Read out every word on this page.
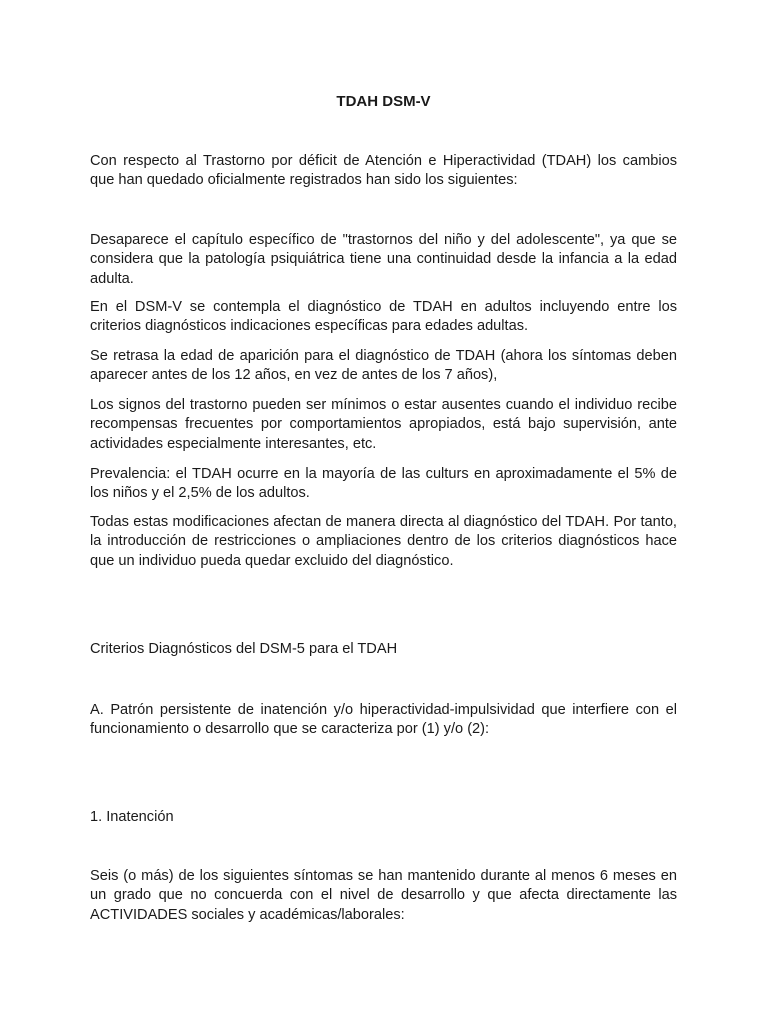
TDAH DSM-V

Con respecto al Trastorno por déficit de Atención e Hiperactividad (TDAH) los cambios que han quedado oficialmente registrados han sido los siguientes:

Desaparece el capítulo específico de "trastornos del niño y del adolescente", ya que se considera que la patología psiquiátrica tiene una continuidad desde la infancia a la edad adulta.

En el DSM-V se contempla el diagnóstico de TDAH en adultos incluyendo entre los criterios diagnósticos indicaciones específicas para edades adultas.

Se retrasa la edad de aparición para el diagnóstico de TDAH (ahora los síntomas deben aparecer antes de los 12 años, en vez de antes de los 7 años),

Los signos del trastorno pueden ser mínimos o estar ausentes cuando el individuo recibe recompensas frecuentes por comportamientos apropiados, está bajo supervisión, ante actividades especialmente interesantes, etc.

Prevalencia: el TDAH ocurre en la mayoría de las culturs en aproximadamente el 5% de los niños y el 2,5% de los adultos.

Todas estas modificaciones afectan de manera directa al diagnóstico del TDAH. Por tanto, la introducción de restricciones o ampliaciones dentro de los criterios diagnósticos hace que un individuo pueda quedar excluido del diagnóstico.

Criterios Diagnósticos del DSM-5 para el TDAH

A. Patrón persistente de inatención y/o hiperactividad-impulsividad que interfiere con el funcionamiento o desarrollo que se caracteriza por (1) y/o (2):

1. Inatención

Seis (o más) de los siguientes síntomas se han mantenido durante al menos 6 meses en un grado que no concuerda con el nivel de desarrollo y que afecta directamente las ACTIVIDADES sociales y académicas/laborales:
